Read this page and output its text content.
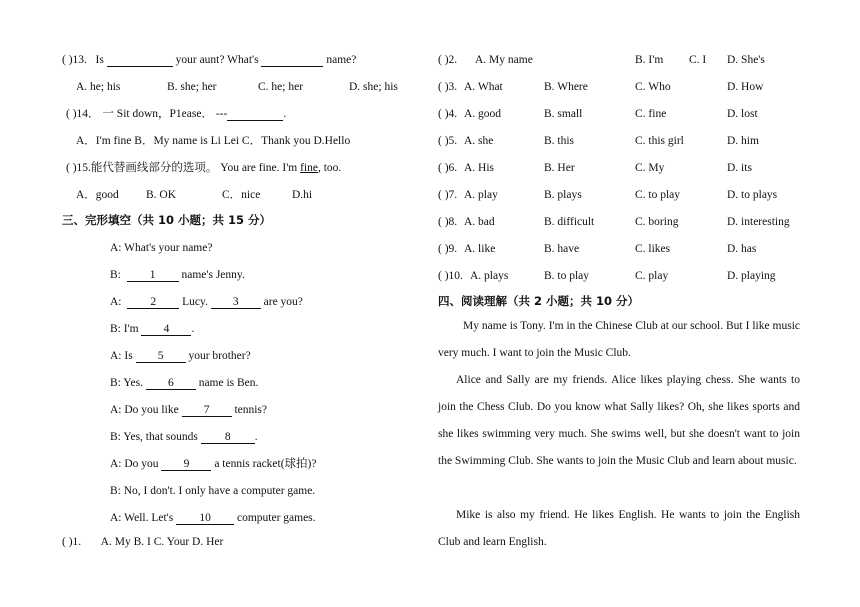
( )13. Is	your aunt? What's	name?
A. he; his	B. she; her	C. he; her	D. she; his
( )14． 一 Sit down，P1ease． ---	.
A．I'm fine B．My name is Li Lei C．Thank you D.Hello
( )15.能代替画线部分的选项。 You are fine. I'm fine, too.
A．good B. OK	C．nice	D.hi
三、完形填空（共 10 小题；共 15 分）
A: What's your name?
B:	1 name's Jenny.
A:	2 Lucy. 3 are you?
B: I'm 4 .
A: Is 5 your brother?
B: Yes. 6 name is Ben.
A: Do you like 7 tennis?
B: Yes, that sounds 8 .
A: Do you 9 a tennis racket(球拍)?
B: No, I don't. I only have a computer game.
A: Well. Let's 10 computer games.
( )1. A. My B. I C. Your D. Her
( )2. A. My name	B. I'm C. I D. She's
( )3. A. What	B. Where	C. Who	D. How
( )4. A. good	B. small	C. fine	D. lost
( )5. A. she	B. this	C. this girl	D. him
( )6. A. His	B. Her	C. My	D. its
( )7. A. play	B. plays	C. to play	D. to plays
( )8. A. bad	B. difficult	C. boring	D. interesting
( )9. A. like	B. have	C. likes	D. has
( )10. A. plays	B. to play	C. play	D. playing
四、阅读理解（共 2 小题；共 10 分）
My name is Tony. I'm in the Chinese Club at our school. But I like music very much. I want to join the Music Club.
Alice and Sally are my friends. Alice likes playing chess. She wants to join the Chess Club. Do you know what Sally likes? Oh, she likes sports and she likes swimming very much. She swims well, but she doesn't want to join the Swimming Club. She wants to join the Music Club and learn about music.
Mike is also my friend. He likes English. He wants to join the English Club and learn English.
